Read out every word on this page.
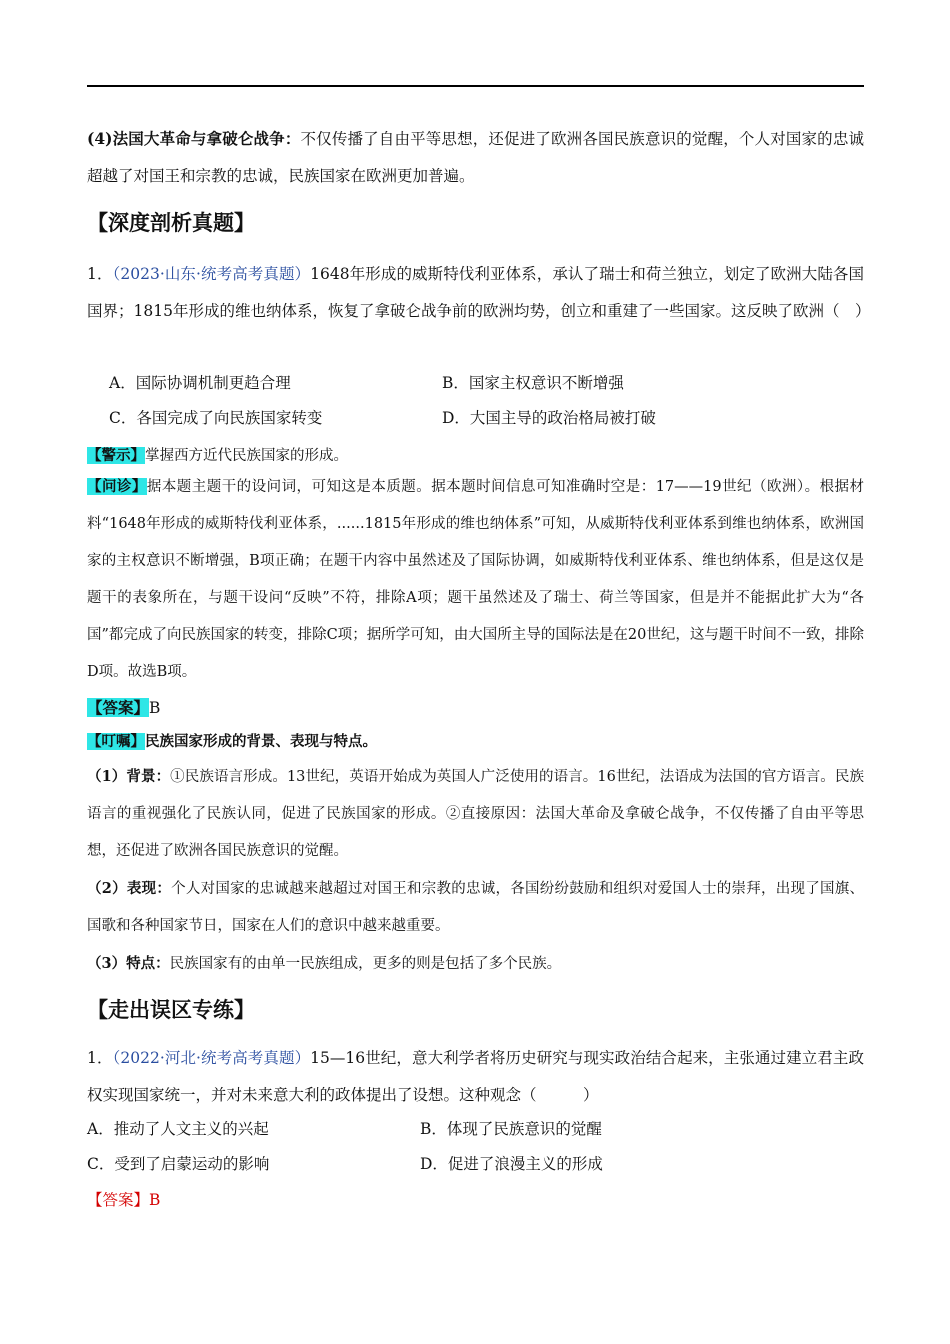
(4)法国大革命与拿破仑战争：不仅传播了自由平等思想，还促进了欧洲各国民族意识的觉醒，个人对国家的忠诚超越了对国王和宗教的忠诚，民族国家在欧洲更加普遍。

【深度剖析真题】

1．（2023·山东·统考高考真题）1648年形成的威斯特伐利亚体系，承认了瑞士和荷兰独立，划定了欧洲大陆各国国界；1815年形成的维也纳体系，恢复了拿破仑战争前的欧洲均势，创立和重建了一些国家。这反映了欧洲（　）

A．国际协调机制更趋合理	B．国家主权意识不断增强
C．各国完成了向民族国家转变	D．大国主导的政治格局被打破

【警示】掌握西方近代民族国家的形成。

【问诊】据本题主题干的设问词，可知这是本质题。据本题时间信息可知准确时空是：17——19世纪（欧洲）。根据材料“1648年形成的威斯特伐利亚体系，......1815年形成的维也纳体系”可知，从威斯特伐利亚体系到维也纳体系，欧洲国家的主权意识不断增强，B项正确；在题干内容中虽然述及了国际协调，如威斯特伐利亚体系、维也纳体系，但是这仅是题干的表象所在，与题干设问“反映”不符，排除A项；题干虽然述及了瑞士、荷兰等国家，但是并不能据此扩大为“各国”都完成了向民族国家的转变，排除C项；据所学可知，由大国所主导的国际法是在20世纪，这与题干时间不一致，排除D项。故选B项。

【答案】B

【叮嘱】民族国家形成的背景、表现与特点。

（1）背景：①民族语言形成。13世纪，英语开始成为英国人广泛使用的语言。16世纪，法语成为法国的官方语言。民族语言的重视强化了民族认同，促进了民族国家的形成。②直接原因：法国大革命及拿破仑战争，不仅传播了自由平等思想，还促进了欧洲各国民族意识的觉醒。

（2）表现：个人对国家的忠诚越来越超过对国王和宗教的忠诚，各国纷纷鼓励和组织对爱国人士的崇拜，出现了国旗、国歌和各种国家节日，国家在人们的意识中越来越重要。

（3）特点：民族国家有的由单一民族组成，更多的则是包括了多个民族。

【走出误区专练】

1．（2022·河北·统考高考真题）15—16世纪，意大利学者将历史研究与现实政治结合起来，主张通过建立君主政权实现国家统一，并对未来意大利的政体提出了设想。这种观念（　　　）

A．推动了人文主义的兴起	B．体现了民族意识的觉醒
C．受到了启蒙运动的影响	D．促进了浪漫主义的形成

【答案】B
